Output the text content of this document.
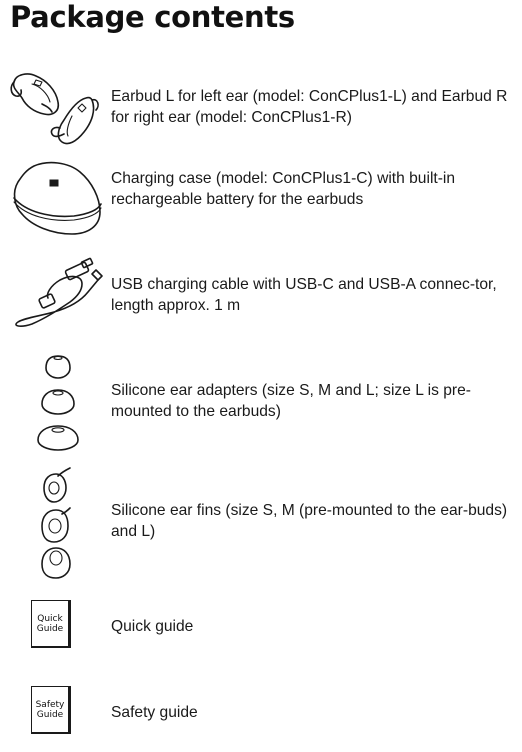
Package contents
Earbud L for left ear (model: ConCPlus1-L) and Earbud R for right ear (model: ConCPlus1-R)
Charging case (model: ConCPlus1-C) with built-in rechargeable battery for the earbuds
USB charging cable with USB-C and USB-A connec-tor, length approx. 1 m
Silicone ear adapters (size S, M and L; size L is pre-mounted to the earbuds)
Silicone ear fins (size S, M (pre-mounted to the ear-buds) and L)
Quick
Guide	Quick guide
Safety
Guide	Safety guide
